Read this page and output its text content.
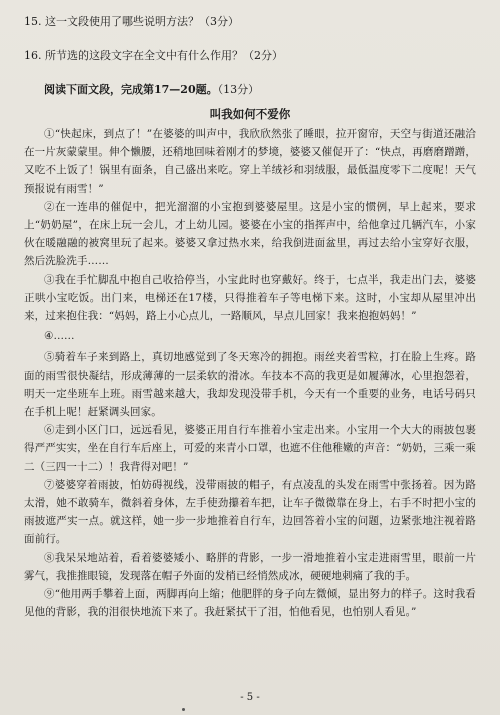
15. 这一文段使用了哪些说明方法？（3分）

16. 所节选的这段文字在全文中有什么作用？（2分）

阅读下面文段，完成第17—20题。（13分）
叫我如何不爱你

①“快起床，到点了！”在婆婆的叫声中，我欣欣然张了睡眼，拉开窗帘，天空与街道还融洽在一片灰蒙蒙里。伸个懒腰，还稍地回味着刚才的梦境，婆婆又催促开了：“快点，再磨磨蹭蹭，又吃不上饭了！锅里有面条，自己盛出来吃。穿上羊绒衫和羽绒服，最低温度零下二度呢！天气预报说有雨雪！”

②在一连串的催促中，把光溜溜的小宝抱到婆婆屋里。这是小宝的惯例，早上起来，要求上“奶奶屋”，在床上玩一会儿，才上幼儿园。婆婆在小宝的指挥声中，给他拿过几辆汽车，小家伙在暖融融的被窝里玩了起来。婆婆又拿过热水来，给我倒进面盆里，再过去给小宝穿好衣服，然后洗脸洗手……

③我在手忙脚乱中抱自己收拾停当，小宝此时也穿戴好。终于，七点半，我走出门去，婆婆正哄小宝吃饭。出门来，电梯还在17楼，只得推着车子等电梯下来。这时，小宝却从屋里冲出来，过来抱住我：“妈妈，路上小心点儿，一路顺风，早点儿回家！我来抱抱妈妈！”

④……

⑤骑着车子来到路上，真切地感觉到了冬天寒冷的拥抱。雨丝夹着雪粒，打在脸上生疼。路面的雨雪很快凝结，形成薄薄的一层柔软的滑冰。车技本不高的我更是如履薄冰，心里抱怨着，明天一定坐班车上班。雨雪越来越大，我却发现没带手机，今天有一个重要的业务，电话号码只在手机上呢！赶紧调头回家。

⑥走到小区门口，远远看见，婆婆正用自行车推着小宝走出来。小宝用一个大大的雨披包裹得严严实实，坐在自行车后座上，可爱的来青小口罩，也遮不住他稚嫩的声音：“奶奶，三乘一乘二（三四一十二）！我背得对吧！”

⑦婆婆穿着雨披，怕妨碍视线，没带雨披的帽子，有点凌乱的头发在雨雪中张扬着。因为路太滑，她不敢骑车，微斜着身体，左手使劲攥着车把，让车子微微靠在身上，右手不时把小宝的雨披遮严实一点。就这样，她一步一步地推着自行车，边回答着小宝的问题，边紧张地注视着路面前行。

⑧我呆呆地站着，看着婆婆矮小、略胖的背影，一步一滑地推着小宝走进雨雪里，眼前一片雾气，我推推眼镜，发现落在帽子外面的发梢已经悄然成冰，硬硬地刺痛了我的手。

⑨“他用两手攀着上面，两脚再向上缩；他肥胖的身子向左微倾，显出努力的样子。这时我看见他的背影，我的泪很快地流下来了。我赶紧拭干了泪，怕他看见，也怕别人看见。”

- 5 -
